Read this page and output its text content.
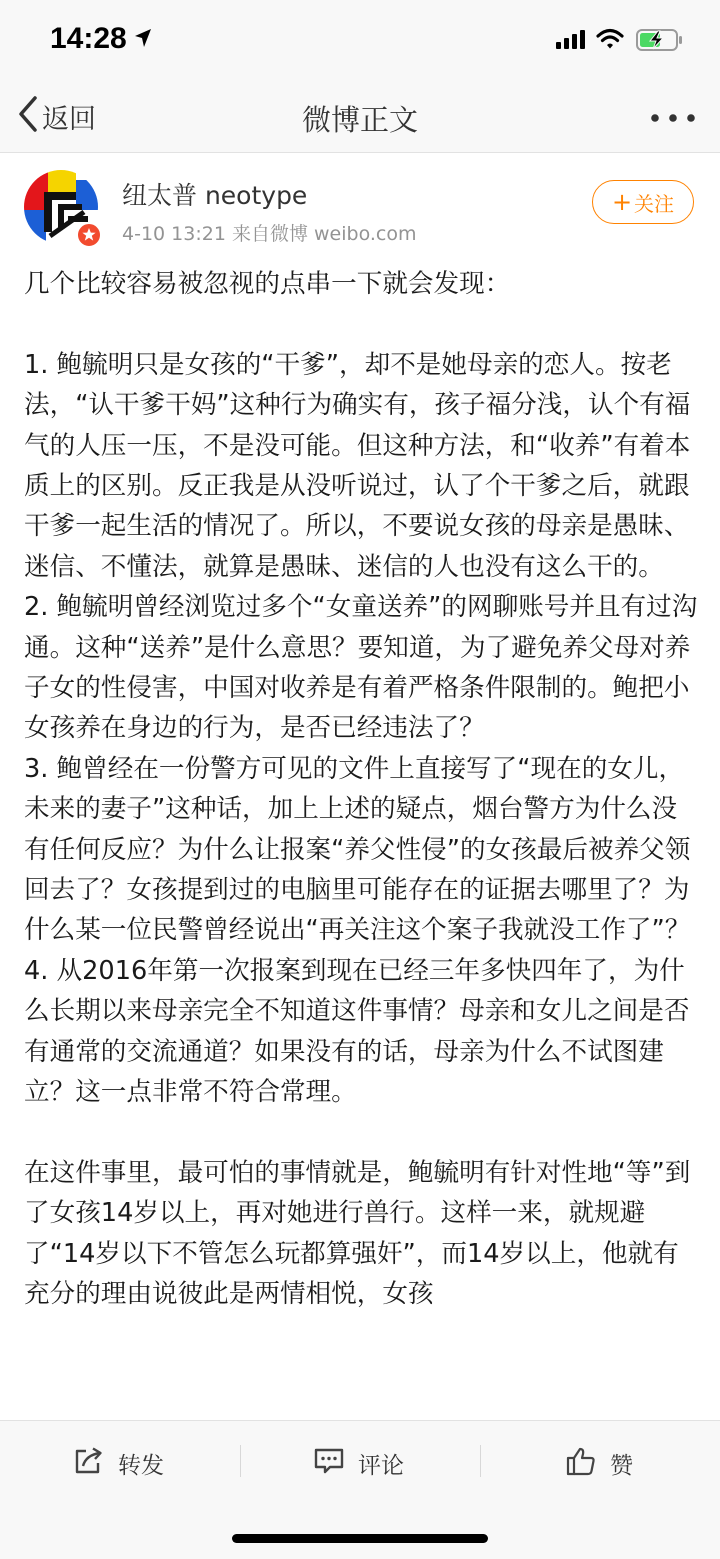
14:28
返回	微博正文
纽太普 neotype
4-10 13:21 来自微博 weibo.com
+ 关注

几个比较容易被忽视的点串一下就会发现：

1. 鲍毓明只是女孩的“干爹”，却不是她母亲的恋人。按老法，“认干爹干妈”这种行为确实有，孩子福分浅，认个有福气的人压一压，不是没可能。但这种方法，和“收养”有着本质上的区别。反正我是从没听说过，认了个干爹之后，就跟干爹一起生活的情况了。所以，不要说女孩的母亲是愚昧、迷信、不懂法，就算是愚昧、迷信的人也没有这么干的。

2. 鲍毓明曾经浏览过多个“女童送养”的网聊账号并且有过沟通。这种“送养”是什么意思？要知道，为了避免养父母对养子女的性侵害，中国对收养是有着严格条件限制的。鲍把小女孩养在身边的行为，是否已经违法了？

3. 鲍曾经在一份警方可见的文件上直接写了“现在的女儿，未来的妻子”这种话，加上上述的疑点，烟台警方为什么没有任何反应？为什么让报案“养父性侵”的女孩最后被养父领回去了？女孩提到过的电脑里可能存在的证据去哪里了？为什么某一位民警曾经说出“再关注这个案子我就没工作了”？

4. 从2016年第一次报案到现在已经三年多快四年了，为什么长期以来母亲完全不知道这件事情？母亲和女儿之间是否有通常的交流通道？如果没有的话，母亲为什么不试图建立？这一点非常不符合常理。

在这件事里，最可怕的事情就是，鲍毓明有针对性地“等”到了女孩14岁以上，再对她进行兽行。这样一来，就规避了“14岁以下不管怎么玩都算强奸”，而14岁以上，他就有充分的理由说彼此是两情相悦，女孩

转发	评论	赞
